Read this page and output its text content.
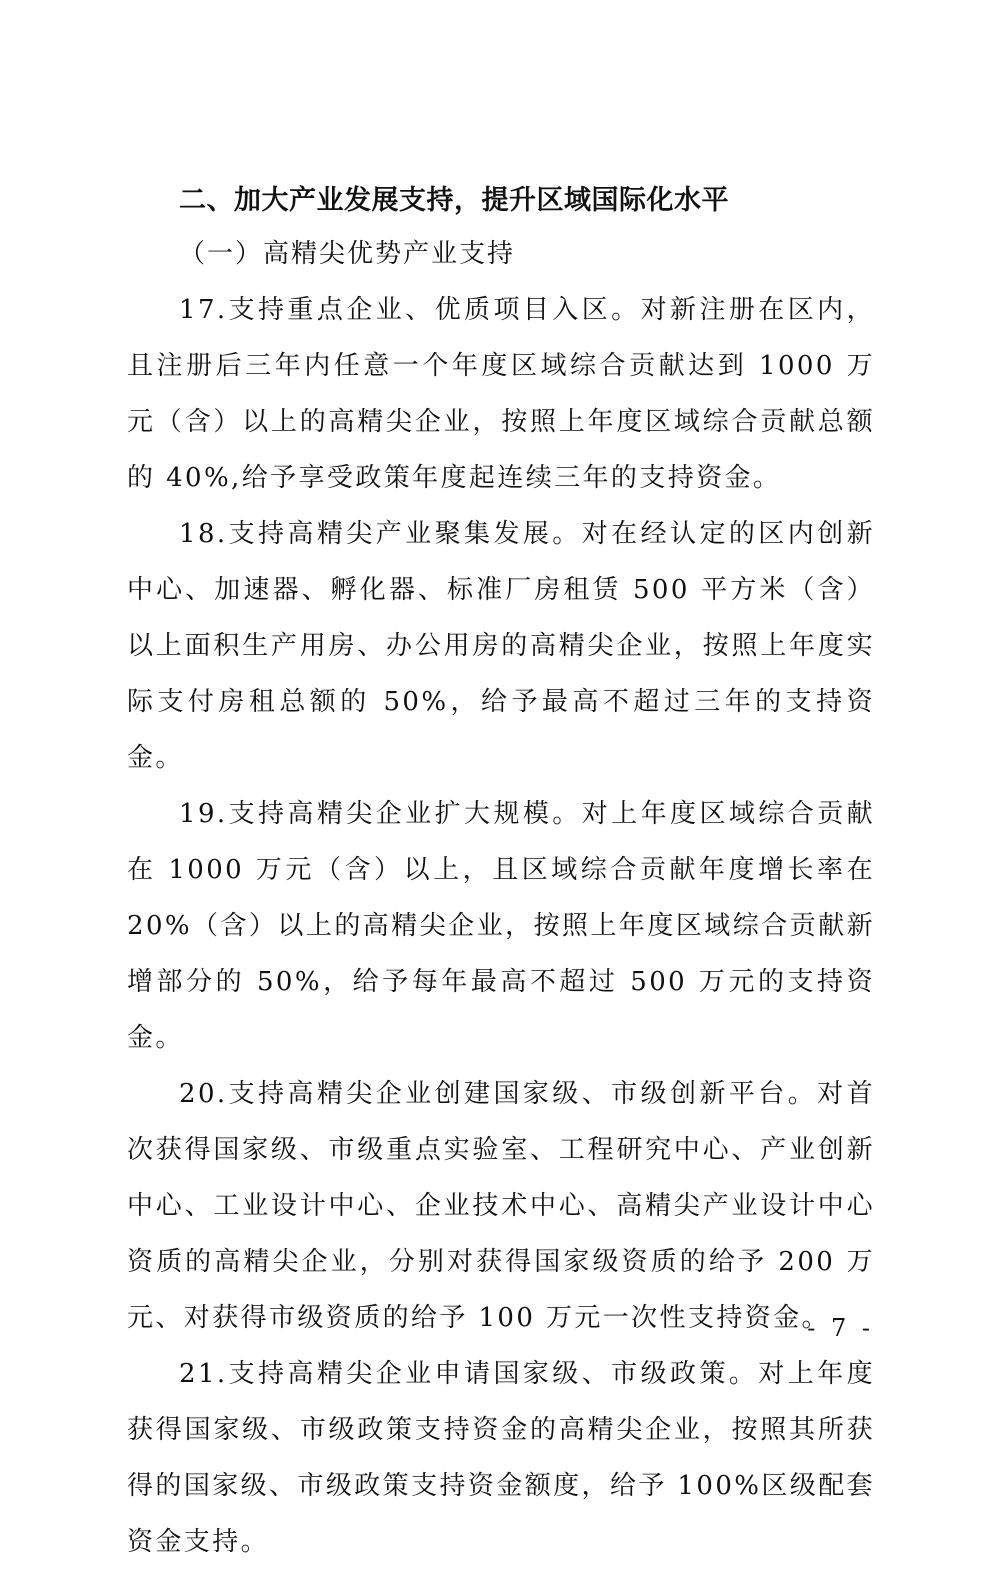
二、加大产业发展支持，提升区域国际化水平
（一）高精尖优势产业支持

17.支持重点企业、优质项目入区。对新注册在区内，且注册后三年内任意一个年度区域综合贡献达到 1000 万元（含）以上的高精尖企业，按照上年度区域综合贡献总额的 40%,给予享受政策年度起连续三年的支持资金。

18.支持高精尖产业聚集发展。对在经认定的区内创新中心、加速器、孵化器、标准厂房租赁 500 平方米（含）以上面积生产用房、办公用房的高精尖企业，按照上年度实际支付房租总额的 50%，给予最高不超过三年的支持资金。

19.支持高精尖企业扩大规模。对上年度区域综合贡献在 1000 万元（含）以上，且区域综合贡献年度增长率在 20%（含）以上的高精尖企业，按照上年度区域综合贡献新增部分的 50%，给予每年最高不超过 500 万元的支持资金。

20.支持高精尖企业创建国家级、市级创新平台。对首次获得国家级、市级重点实验室、工程研究中心、产业创新中心、工业设计中心、企业技术中心、高精尖产业设计中心资质的高精尖企业，分别对获得国家级资质的给予 200 万元、对获得市级资质的给予 100 万元一次性支持资金。

21.支持高精尖企业申请国家级、市级政策。对上年度获得国家级、市级政策支持资金的高精尖企业，按照其所获得的国家级、市级政策支持资金额度，给予 100%区级配套资金支持。

- 7 -
